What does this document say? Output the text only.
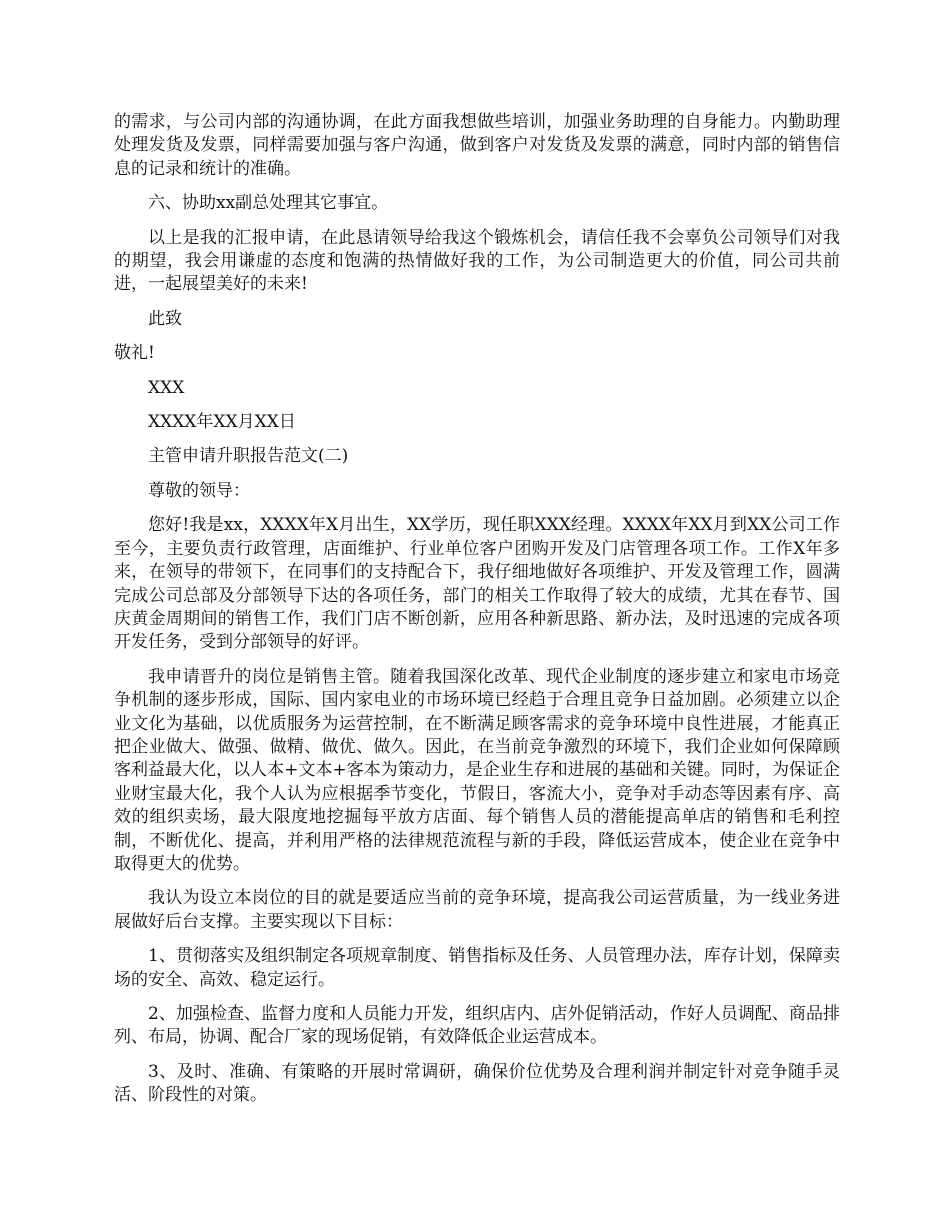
的需求，与公司内部的沟通协调，在此方面我想做些培训，加强业务助理的自身能力。内勤助理处理发货及发票，同样需要加强与客户沟通，做到客户对发货及发票的满意，同时内部的销售信息的记录和统计的准确。

六、协助xx副总处理其它事宜。

以上是我的汇报申请，在此恳请领导给我这个锻炼机会，请信任我不会辜负公司领导们对我的期望，我会用谦虚的态度和饱满的热情做好我的工作，为公司制造更大的价值，同公司共前进，一起展望美好的未来!

此致

敬礼!

XXX

XXXX年XX月XX日

主管申请升职报告范文(二)

尊敬的领导：

您好!我是xx，XXXX年X月出生，XX学历，现任职XXX经理。XXXX年XX月到XX公司工作至今，主要负责行政管理，店面维护、行业单位客户团购开发及门店管理各项工作。工作X年多来，在领导的带领下，在同事们的支持配合下，我仔细地做好各项维护、开发及管理工作，圆满完成公司总部及分部领导下达的各项任务，部门的相关工作取得了较大的成绩，尤其在春节、国庆黄金周期间的销售工作，我们门店不断创新，应用各种新思路、新办法，及时迅速的完成各项开发任务，受到分部领导的好评。

我申请晋升的岗位是销售主管。随着我国深化改革、现代企业制度的逐步建立和家电市场竞争机制的逐步形成，国际、国内家电业的市场环境已经趋于合理且竞争日益加剧。必须建立以企业文化为基础，以优质服务为运营控制，在不断满足顾客需求的竞争环境中良性进展，才能真正把企业做大、做强、做精、做优、做久。因此，在当前竞争激烈的环境下，我们企业如何保障顾客利益最大化，以人本+文本+客本为策动力，是企业生存和进展的基础和关键。同时，为保证企业财宝最大化，我个人认为应根据季节变化，节假日，客流大小，竞争对手动态等因素有序、高效的组织卖场，最大限度地挖掘每平放方店面、每个销售人员的潜能提高单店的销售和毛利控制，不断优化、提高，并利用严格的法律规范流程与新的手段，降低运营成本，使企业在竞争中取得更大的优势。

我认为设立本岗位的目的就是要适应当前的竞争环境，提高我公司运营质量，为一线业务进展做好后台支撑。主要实现以下目标：

1、贯彻落实及组织制定各项规章制度、销售指标及任务、人员管理办法，库存计划，保障卖场的安全、高效、稳定运行。

2、加强检查、监督力度和人员能力开发，组织店内、店外促销活动，作好人员调配、商品排列、布局，协调、配合厂家的现场促销，有效降低企业运营成本。

3、及时、准确、有策略的开展时常调研，确保价位优势及合理利润并制定针对竞争随手灵活、阶段性的对策。
